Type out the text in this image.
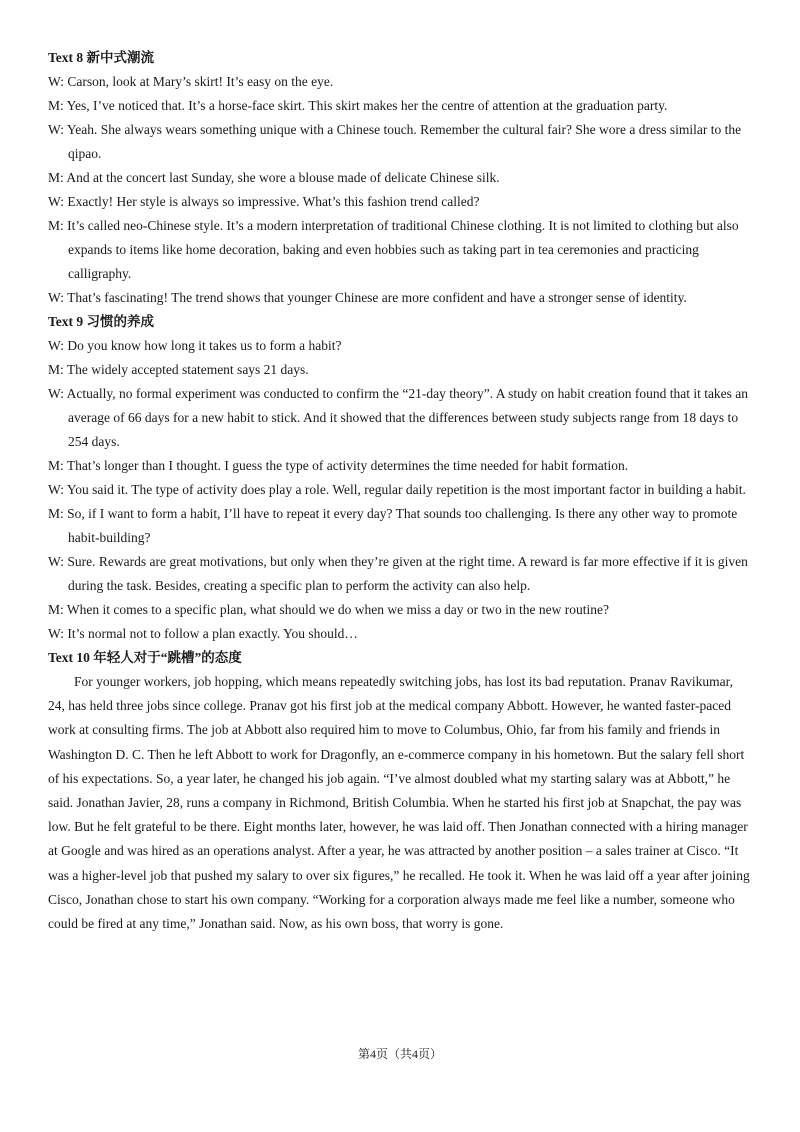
Text 8 新中式潮流

W: Carson, look at Mary’s skirt! It’s easy on the eye.

M: Yes, I’ve noticed that. It’s a horse-face skirt. This skirt makes her the centre of attention at the graduation party.

W: Yeah. She always wears something unique with a Chinese touch. Remember the cultural fair? She wore a dress similar to the qipao.

M: And at the concert last Sunday, she wore a blouse made of delicate Chinese silk.

W: Exactly! Her style is always so impressive. What’s this fashion trend called?

M: It’s called neo-Chinese style. It’s a modern interpretation of traditional Chinese clothing. It is not limited to clothing but also expands to items like home decoration, baking and even hobbies such as taking part in tea ceremonies and practicing calligraphy.

W: That’s fascinating! The trend shows that younger Chinese are more confident and have a stronger sense of identity.

Text 9 习惯的养成

W: Do you know how long it takes us to form a habit?

M: The widely accepted statement says 21 days.

W: Actually, no formal experiment was conducted to confirm the “21-day theory”. A study on habit creation found that it takes an average of 66 days for a new habit to stick. And it showed that the differences between study subjects range from 18 days to 254 days.

M: That’s longer than I thought. I guess the type of activity determines the time needed for habit formation.

W: You said it. The type of activity does play a role. Well, regular daily repetition is the most important factor in building a habit.

M: So, if I want to form a habit, I’ll have to repeat it every day? That sounds too challenging. Is there any other way to promote habit-building?

W: Sure. Rewards are great motivations, but only when they’re given at the right time. A reward is far more effective if it is given during the task. Besides, creating a specific plan to perform the activity can also help.

M: When it comes to a specific plan, what should we do when we miss a day or two in the new routine?

W: It’s normal not to follow a plan exactly. You should…

Text 10 年轻人对于“跳槽”的态度

For younger workers, job hopping, which means repeatedly switching jobs, has lost its bad reputation. Pranav Ravikumar, 24, has held three jobs since college. Pranav got his first job at the medical company Abbott. However, he wanted faster-paced work at consulting firms. The job at Abbott also required him to move to Columbus, Ohio, far from his family and friends in Washington D. C. Then he left Abbott to work for Dragonfly, an e-commerce company in his hometown. But the salary fell short of his expectations. So, a year later, he changed his job again. “I’ve almost doubled what my starting salary was at Abbott,” he said. Jonathan Javier, 28, runs a company in Richmond, British Columbia. When he started his first job at Snapchat, the pay was low. But he felt grateful to be there. Eight months later, however, he was laid off. Then Jonathan connected with a hiring manager at Google and was hired as an operations analyst. After a year, he was attracted by another position – a sales trainer at Cisco. “It was a higher-level job that pushed my salary to over six figures,” he recalled. He took it. When he was laid off a year after joining Cisco, Jonathan chose to start his own company. “Working for a corporation always made me feel like a number, someone who could be fired at any time,” Jonathan said. Now, as his own boss, that worry is gone.

第4页（共4页）
